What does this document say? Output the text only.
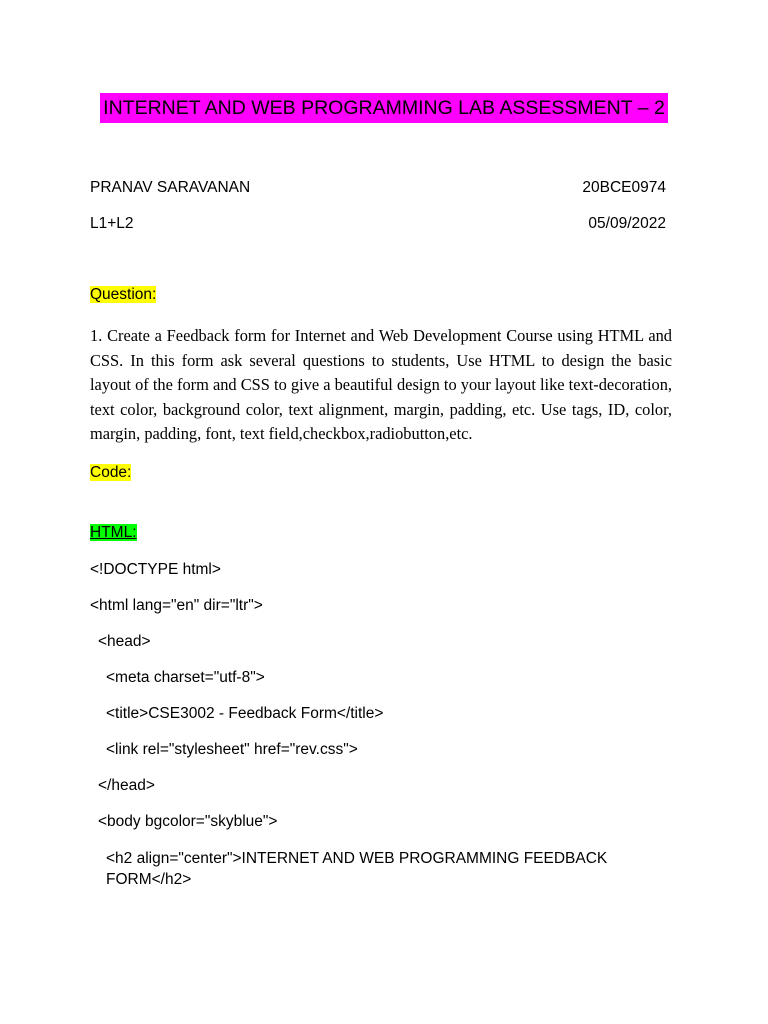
INTERNET AND WEB PROGRAMMING LAB ASSESSMENT – 2
PRANAV SARAVANAN	20BCE0974
L1+L2	05/09/2022
Question:
1. Create a Feedback form for Internet and Web Development Course using HTML and CSS. In this form ask several questions to students, Use HTML to design the basic layout of the form and CSS to give a beautiful design to your layout like text-decoration, text color, background color, text alignment, margin, padding, etc. Use tags, ID, color, margin, padding, font, text field,checkbox,radiobutton,etc.
Code:
HTML:
<!DOCTYPE html>
<html lang="en" dir="ltr">
<head>
<meta charset="utf-8">
<title>CSE3002 - Feedback Form</title>
<link rel="stylesheet" href="rev.css">
</head>
<body bgcolor="skyblue">
<h2 align="center">INTERNET AND WEB PROGRAMMING FEEDBACK FORM</h2>
